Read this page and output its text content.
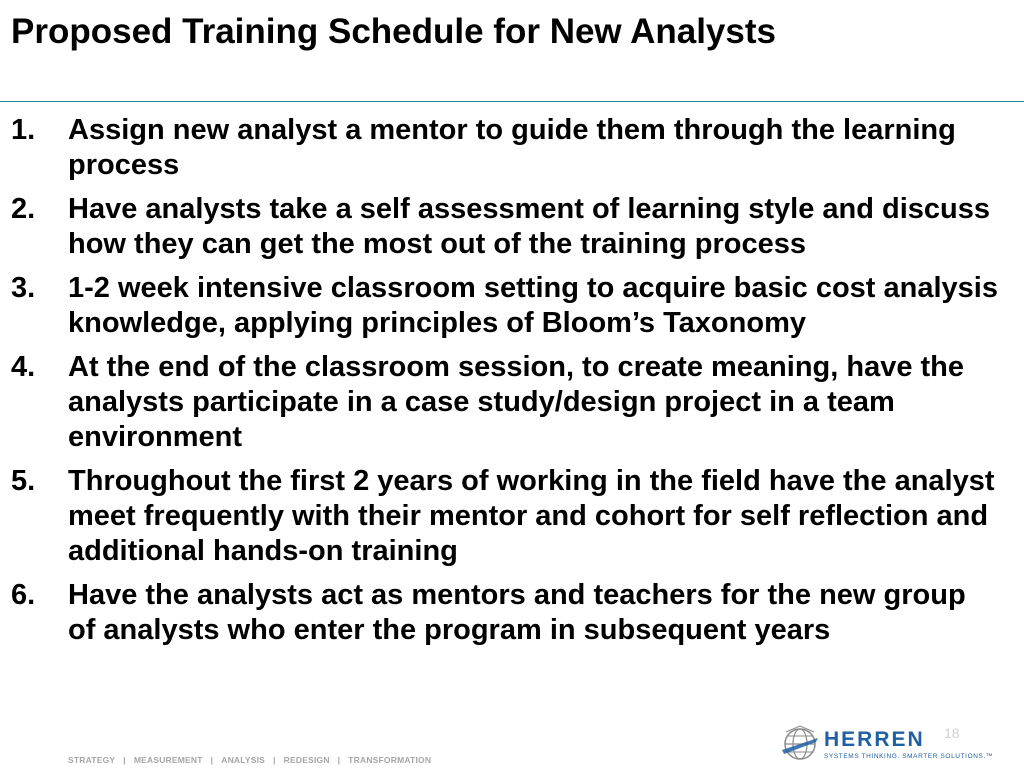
Proposed Training Schedule for New Analysts
1. Assign new analyst a mentor to guide them through the learning process
2. Have analysts take a self assessment of learning style and discuss how they can get the most out of the training process
3. 1-2 week intensive classroom setting to acquire basic cost analysis knowledge, applying principles of Bloom’s Taxonomy
4. At the end of the classroom session, to create meaning, have the analysts participate in a case study/design project in a team environment
5. Throughout the first 2 years of working in the field have the analyst meet frequently with their mentor and cohort for self reflection and additional hands-on training
6. Have the analysts act as mentors and teachers for the new group of analysts who enter the program in subsequent years
STRATEGY | MEASUREMENT | ANALYSIS | REDESIGN | TRANSFORMATION
18
HERREN
SYSTEMS THINKING. SMARTER SOLUTIONS.™
